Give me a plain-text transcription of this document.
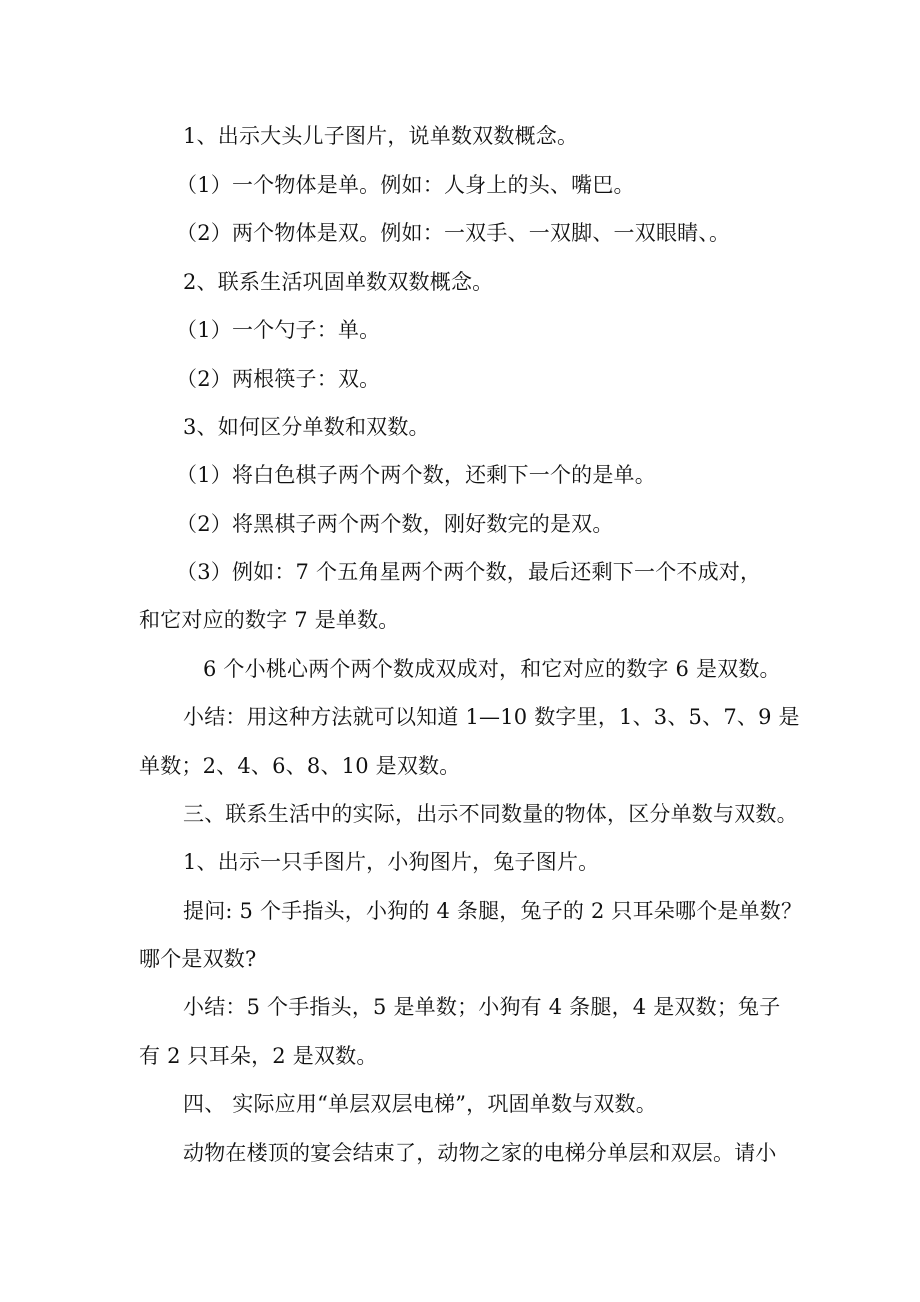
1、出示大头儿子图片，说单数双数概念。
（1）一个物体是单。例如：人身上的头、嘴巴。
（2）两个物体是双。例如：一双手、一双脚、一双眼睛、。
2、联系生活巩固单数双数概念。
（1）一个勺子：单。
（2）两根筷子：双。
3、如何区分单数和双数。
（1）将白色棋子两个两个数，还剩下一个的是单。
（2）将黑棋子两个两个数，刚好数完的是双。
（3）例如：7 个五角星两个两个数，最后还剩下一个不成对，
和它对应的数字 7 是单数。
6 个小桃心两个两个数成双成对，和它对应的数字 6 是双数。
小结：用这种方法就可以知道 1—10 数字里，1、3、5、7、9 是
单数；2、4、6、8、10 是双数。
三、联系生活中的实际，出示不同数量的物体，区分单数与双数。
1、出示一只手图片，小狗图片，兔子图片。
提问: 5 个手指头，小狗的 4 条腿，兔子的 2 只耳朵哪个是单数？
哪个是双数?
小结：5 个手指头，5 是单数；小狗有 4 条腿，4 是双数；兔子
有 2 只耳朵，2 是双数。
四、 实际应用“单层双层电梯”，巩固单数与双数。
动物在楼顶的宴会结束了，动物之家的电梯分单层和双层。请小
